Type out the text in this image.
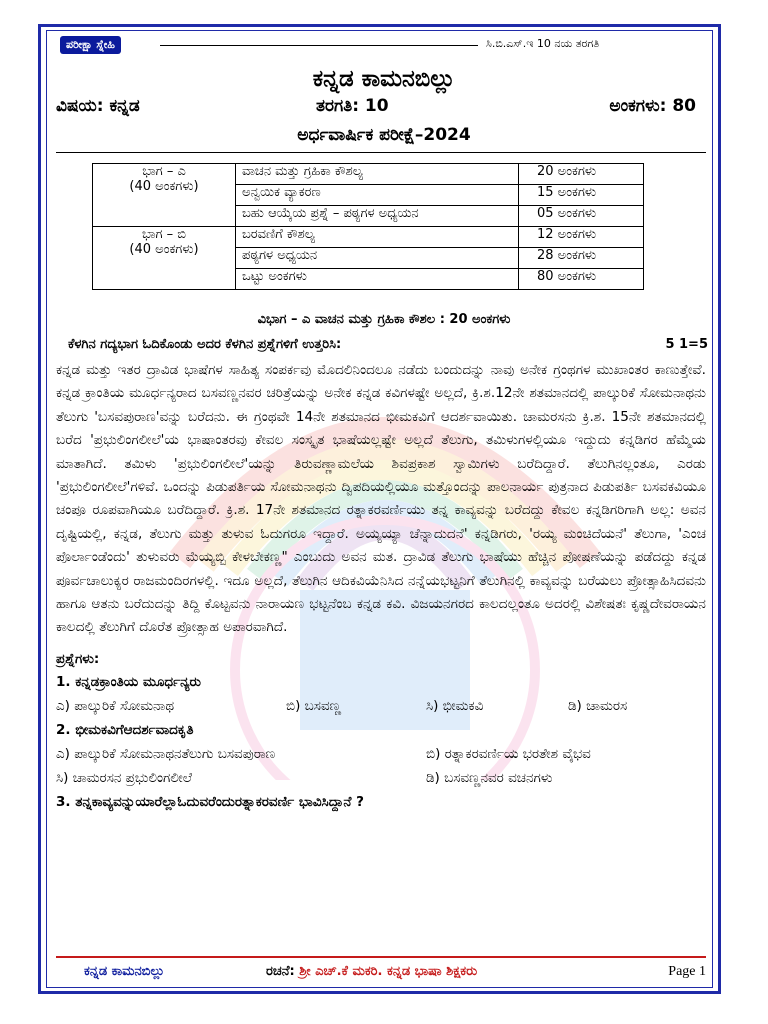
ಪರೀಕ್ಷಾ ಸ್ನೇಹಿ	ಸಿ.ಬಿ.ಎಸ್.ಇ 10 ನಯ ತರಗತಿ
ಕನ್ನಡ ಕಾಮನಬಿಲ್ಲು
ವಿಷಯ: ಕನ್ನಡ	ತರಗತಿ: 10	ಅಂಕಗಳು: 80
ಅರ್ಧವಾರ್ಷಿಕ ಪರೀಕ್ಷೆ–2024
ಭಾಗ – ಎ
(40 ಅಂಕಗಳು)	ವಾಚನ ಮತ್ತು ಗ್ರಹಿಕಾ ಕೌಶಲ್ಯ	20 ಅಂಕಗಳು
	ಅನ್ವಯಿಕ ವ್ಯಾಕರಣ	15 ಅಂಕಗಳು
	ಬಹು ಆಯ್ಕೆಯ ಪ್ರಶ್ನೆ – ಪಠ್ಯಗಳ ಅಧ್ಯಯನ	05 ಅಂಕಗಳು

ಭಾಗ – ಬಿ
(40 ಅಂಕಗಳು)	ಬರವಣಿಗೆ ಕೌಶಲ್ಯ	12 ಅಂಕಗಳು
	ಪಠ್ಯಗಳ ಅಧ್ಯಯನ	28 ಅಂಕಗಳು
	ಒಟ್ಟು ಅಂಕಗಳು	80 ಅಂಕಗಳು
ವಿಭಾಗ – ಎ ವಾಚನ ಮತ್ತು ಗ್ರಹಿಕಾ ಕೌಶಲ : 20 ಅಂಕಗಳು
ಕೆಳಗಿನ ಗದ್ಯಭಾಗ ಓದಿಕೊಂಡು ಅದರ ಕೆಳಗಿನ ಪ್ರಶ್ನೆಗಳಿಗೆ ಉತ್ತರಿಸಿ:	5 1=5
ಕನ್ನಡ ಮತ್ತು ಇತರ ದ್ರಾವಿಡ ಭಾಷೆಗಳ ಸಾಹಿತ್ಯ ಸಂಪರ್ಕವು ಮೊದಲಿನಿಂದಲೂ ನಡೆದು ಬಂದುದನ್ನು ನಾವು ಅನೇಕ ಗ್ರಂಥಗಳ ಮುಖಾಂತರ ಕಾಣುತ್ತೇವೆ. ಕನ್ನಡ ಕ್ರಾಂತಿಯ ಮೂರ್ಧನ್ಯರಾದ ಬಸವಣ್ಣನವರ ಚರಿತ್ರೆಯನ್ನು ಅನೇಕ ಕನ್ನಡ ಕವಿಗಳಷ್ಟೇ ಅಲ್ಲದೆ, ಕ್ರಿ.ಶ.12ನೇ ಶತಮಾನದಲ್ಲಿ ಪಾಲ್ಕುರಿಕೆ ಸೋಮನಾಥನು ತೆಲುಗು 'ಬಸವಪುರಾಣ'ವನ್ನು ಬರೆದನು. ಈ ಗ್ರಂಥವೇ 14ನೇ ಶತಮಾನದ ಭೀಮಕವಿಗೆ ಆದರ್ಶವಾಯಿತು. ಚಾಮರಸನು ಕ್ರಿ.ಶ. 15ನೇ ಶತಮಾನದಲ್ಲಿ ಬರೆದ 'ಪ್ರಭುಲಿಂಗಲೀಲೆ'ಯ ಭಾಷಾಂತರವು ಕೇವಲ ಸಂಸ್ಕೃತ ಭಾಷೆಯಲ್ಲಷ್ಟೇ ಅಲ್ಲದೆ ತೆಲುಗು, ತಮಿಳುಗಳಲ್ಲಿಯೂ ಇದ್ದುದು ಕನ್ನಡಿಗರ ಹೆಮ್ಮೆಯ ಮಾತಾಗಿದೆ. ತಮಿಳು 'ಪ್ರಭುಲಿಂಗಲೀಲೆ'ಯನ್ನು ತಿರುವಣ್ಣಾಮಲೆಯ ಶಿವಪ್ರಕಾಶ ಸ್ವಾಮಿಗಳು ಬರೆದಿದ್ದಾರೆ. ತೆಲುಗಿನಲ್ಲಂತೂ, ಎರಡು 'ಪ್ರಭುಲಿಂಗಲೀಲೆ'ಗಳಿವೆ. ಒಂದನ್ನು ಪಿಡುಪರ್ತಿಯ ಸೋಮನಾಥನು ದ್ವಿಪದಿಯಲ್ಲಿಯೂ ಮತ್ತೊಂದನ್ನು ಪಾಲನಾರ್ಯ ಪುತ್ರನಾದ ಪಿಡುಪರ್ತಿ ಬಸವಕವಿಯೂ ಚಂಪೂ ರೂಪವಾಗಿಯೂ ಬರೆದಿದ್ದಾರೆ. ಕ್ರಿ.ಶ. 17ನೇ ಶತಮಾನದ ರತ್ನಾಕರವರ್ಣಿಯು ತನ್ನ ಕಾವ್ಯವನ್ನು ಬರೆದದ್ದು ಕೇವಲ ಕನ್ನಡಿಗರಿಗಾಗಿ ಅಲ್ಲ: ಅವನ ದೃಷ್ಟಿಯಲ್ಲಿ, ಕನ್ನಡ, ತೆಲುಗು ಮತ್ತು ತುಳುವ ಓದುಗರೂ ಇದ್ದಾರೆ. ಅಯ್ಯಯ್ಯಾ ಚೆನ್ನಾದುದನೆ' ಕನ್ನಡಿಗರು, 'ರಯ್ಯ ಮಂಚಿದೆಯನೆ' ತೆಲುಗಾ, 'ಎಂಚ ಪೊರ್ಲಾಂಡೆಂದು' ತುಳುವರು ಮೆಯ್ಯಬ್ಬಿ ಕೇಳಬೇಕಣ್ಣ" ಎಂಬುದು ಅವನ ಮತ. ದ್ರಾವಿಡ ತೆಲುಗು ಭಾಷೆಯು ಹೆಚ್ಚಿನ ಪೋಷಣೆಯನ್ನು ಪಡೆದದ್ದು ಕನ್ನಡ ಪೂರ್ವಚಾಲುಕ್ಯರ ರಾಜಮಂದಿರಗಳಲ್ಲಿ. ಇದೂ ಅಲ್ಲದೆ, ತೆಲುಗಿನ ಆದಿಕವಿಯೆನಿಸಿದ ನನ್ನೆಯಭಟ್ಟನಿಗೆ ತೆಲುಗಿನಲ್ಲಿ ಕಾವ್ಯವನ್ನು ಬರೆಯಲು ಪ್ರೋತ್ಸಾಹಿಸಿದವನು ಹಾಗೂ ಆತನು ಬರೆದುದನ್ನು ತಿದ್ದಿ ಕೊಟ್ಟವನು ನಾರಾಯಣ ಭಟ್ಟನೆಂಬ ಕನ್ನಡ ಕವಿ. ವಿಜಯನಗರದ ಕಾಲದಲ್ಲಂತೂ ಅದರಲ್ಲಿ ವಿಶೇಷತಃ ಕೃಷ್ಣದೇವರಾಯನ ಕಾಲದಲ್ಲಿ ತೆಲುಗಿಗೆ ದೊರೆತ ಪ್ರೋತ್ಸಾಹ ಅಪಾರವಾಗಿದೆ.
ಪ್ರಶ್ನೆಗಳು:
1. ಕನ್ನಡಕ್ರಾಂತಿಯ ಮೂರ್ಧನ್ಯರು
ಎ) ಪಾಲ್ಕುರಿಕೆ ಸೋಮನಾಥ	ಬಿ) ಬಸವಣ್ಣ	ಸಿ) ಭೀಮಕವಿ	ಡಿ) ಚಾಮರಸ
2. ಭೀಮಕವಿಗೆಆದರ್ಶವಾದಕೃತಿ
ಎ) ಪಾಲ್ಕುರಿಕೆ ಸೋಮನಾಥನತೆಲುಗು ಬಸವಪುರಾಣ	ಬಿ) ರತ್ನಾಕರವರ್ಣಿಯ ಭರತೇಶ ವೈಭವ
ಸಿ) ಚಾಮರಸನ ಪ್ರಭುಲಿಂಗಲೀಲೆ	ಡಿ) ಬಸವಣ್ಣನವರ ವಚನಗಳು
3. ತನ್ನಕಾವ್ಯವನ್ನುಯಾರೆಲ್ಲಾಓದುವರೆಂದುರತ್ನಾಕರವರ್ಣಿ ಭಾವಿಸಿದ್ದಾನೆ ?
ಕನ್ನಡ ಕಾಮನಬಿಲ್ಲು	ರಚನೆ: ಶ್ರೀ ಎಚ್.ಕೆ ಮಕರಿ. ಕನ್ನಡ ಭಾಷಾ ಶಿಕ್ಷಕರು	Page 1
